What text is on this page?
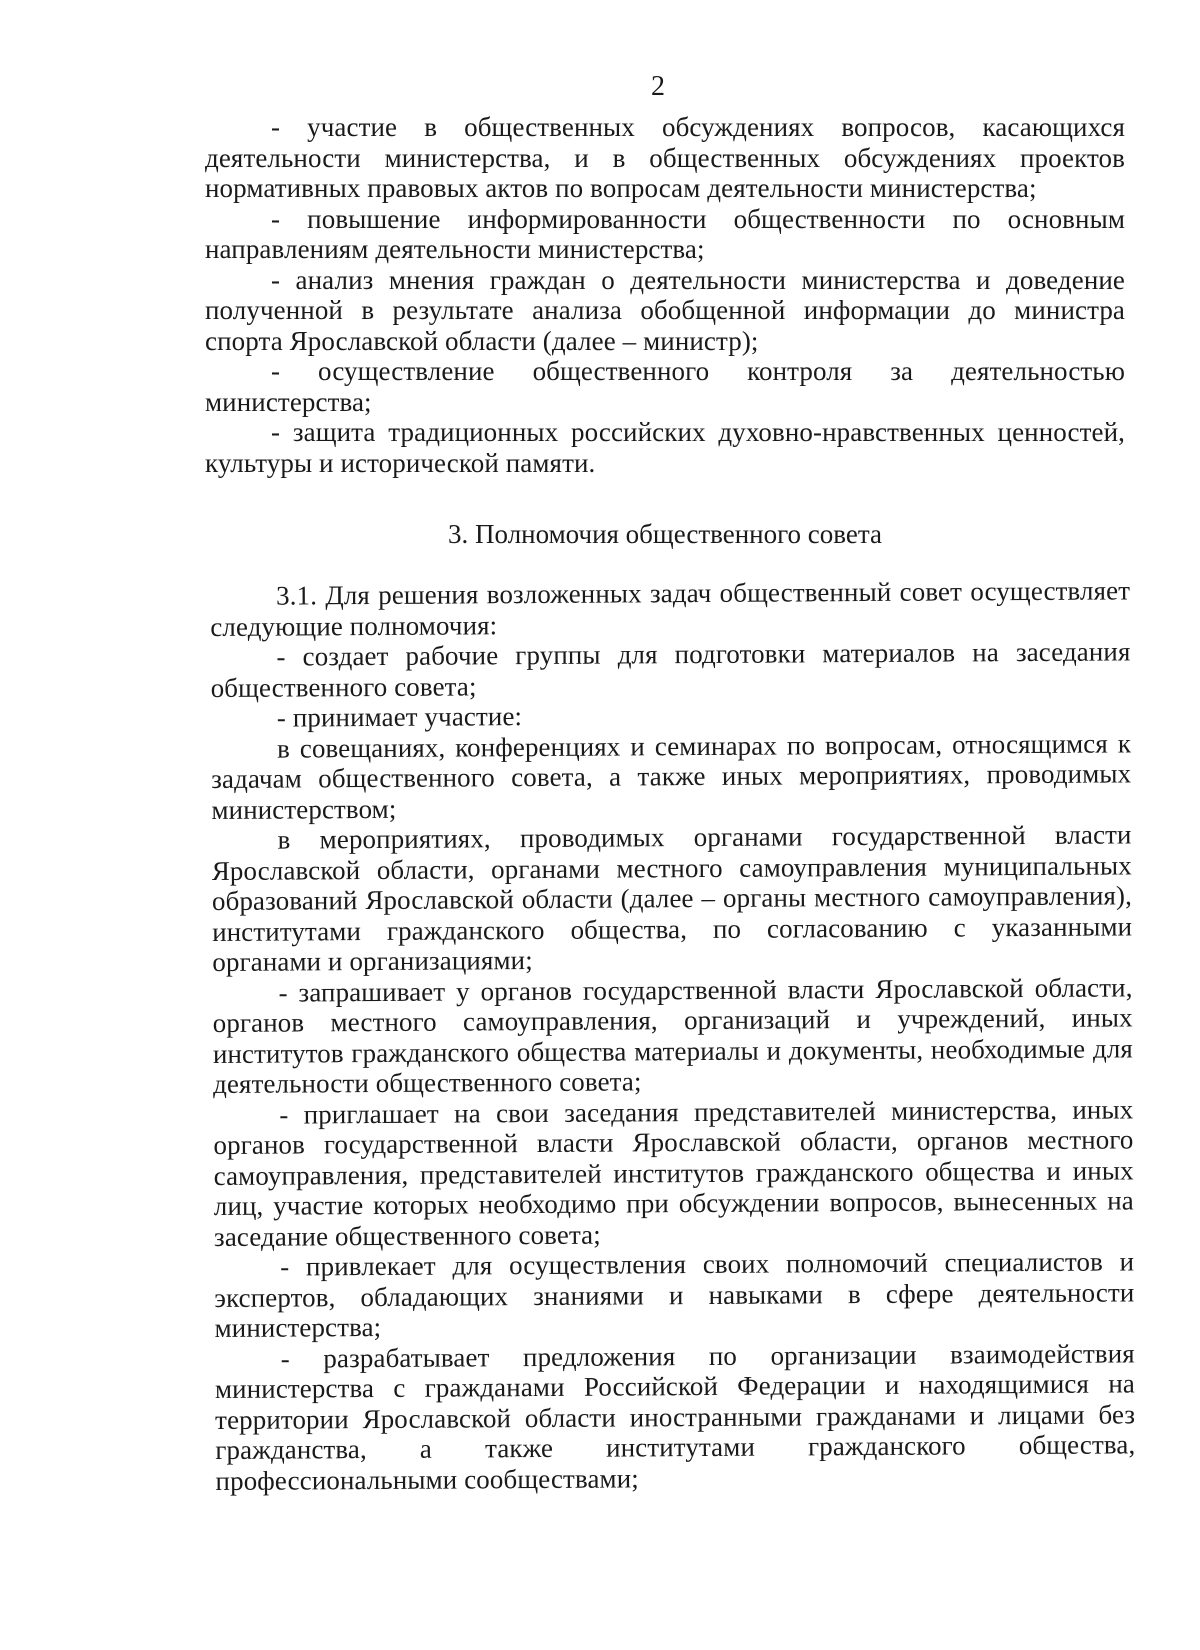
2

- участие в общественных обсуждениях вопросов, касающихся деятельности министерства, и в общественных обсуждениях проектов нормативных правовых актов по вопросам деятельности министерства;

- повышение информированности общественности по основным направлениям деятельности министерства;

- анализ мнения граждан о деятельности министерства и доведение полученной в результате анализа обобщенной информации до министра спорта Ярославской области (далее – министр);

- осуществление общественного контроля за деятельностью министерства;

- защита традиционных российских духовно-нравственных ценностей, культуры и исторической памяти.

3. Полномочия общественного совета

3.1. Для решения возложенных задач общественный совет осуществляет следующие полномочия:

- создает рабочие группы для подготовки материалов на заседания общественного совета;

- принимает участие:

в совещаниях, конференциях и семинарах по вопросам, относящимся к задачам общественного совета, а также иных мероприятиях, проводимых министерством;

в мероприятиях, проводимых органами государственной власти Ярославской области, органами местного самоуправления муниципальных образований Ярославской области (далее – органы местного самоуправления), институтами гражданского общества, по согласованию с указанными органами и организациями;

- запрашивает у органов государственной власти Ярославской области, органов местного самоуправления, организаций и учреждений, иных институтов гражданского общества материалы и документы, необходимые для деятельности общественного совета;

- приглашает на свои заседания представителей министерства, иных органов государственной власти Ярославской области, органов местного самоуправления, представителей институтов гражданского общества и иных лиц, участие которых необходимо при обсуждении вопросов, вынесенных на заседание общественного совета;

- привлекает для осуществления своих полномочий специалистов и экспертов, обладающих знаниями и навыками в сфере деятельности министерства;

- разрабатывает предложения по организации взаимодействия министерства с гражданами Российской Федерации и находящимися на территории Ярославской области иностранными гражданами и лицами без гражданства, а также институтами гражданского общества, профессиональными сообществами;
